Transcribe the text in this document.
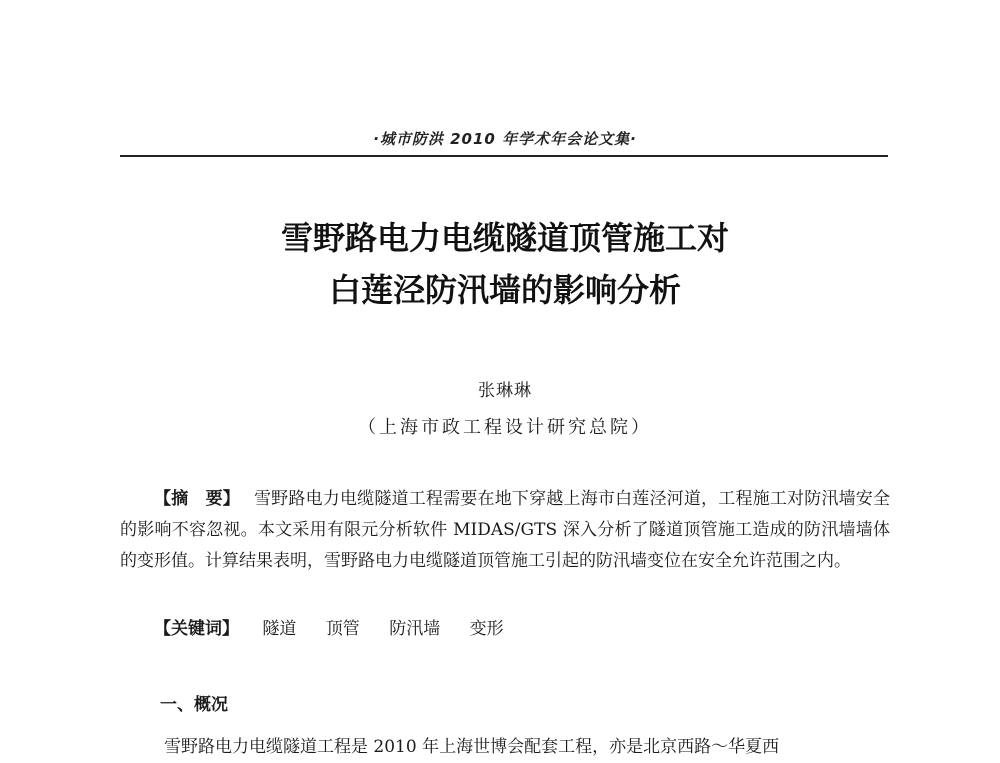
·城市防洪 2010 年学术年会论文集·
雪野路电力电缆隧道顶管施工对
白莲泾防汛墙的影响分析
张琳琳
（上海市政工程设计研究总院）
【摘　要】 雪野路电力电缆隧道工程需要在地下穿越上海市白莲泾河道，工程施工对防汛墙安全的影响不容忽视。本文采用有限元分析软件 MIDAS/GTS 深入分析了隧道顶管施工造成的防汛墙墙体的变形值。计算结果表明，雪野路电力电缆隧道顶管施工引起的防汛墙变位在安全允许范围之内。
【关键词】 隧道 顶管 防汛墙 变形
一、概况
雪野路电力电缆隧道工程是 2010 年上海世博会配套工程，亦是北京西路～华夏西
